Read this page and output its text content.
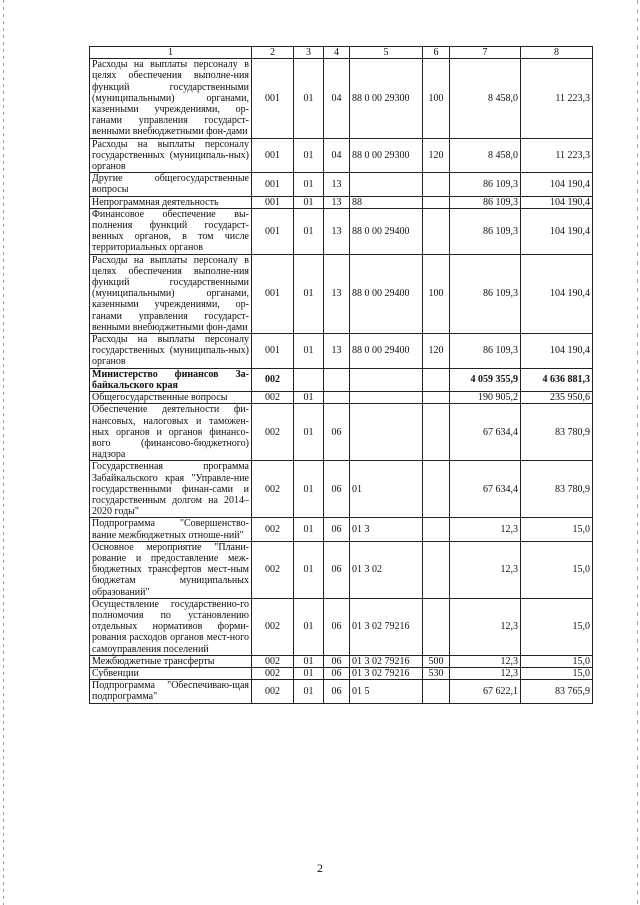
1	2	3	4	5	6	7	8
Расходы на выплаты персоналу в целях обеспечения выполне-ния функций государственными (муниципальными) органами, казенными учреждениями, ор-ганами управления государст-венными внебюджетными фон-дами	001	01	04	88 0 00 29300	100	8 458,0	11 223,3
Расходы на выплаты персоналу государственных (муниципаль-ных) органов	001	01	04	88 0 00 29300	120	8 458,0	11 223,3
Другие общегосударственные вопросы	001	01	13			86 109,3	104 190,4
Непрограммная деятельность	001	01	13	88		86 109,3	104 190,4
Финансовое обеспечение вы-полнения функций государст-венных органов, в том числе территориальных органов	001	01	13	88 0 00 29400		86 109,3	104 190,4
Расходы на выплаты персоналу в целях обеспечения выполне-ния функций государственными (муниципальными) органами, казенными учреждениями, ор-ганами управления государст-венными внебюджетными фон-дами	001	01	13	88 0 00 29400	100	86 109,3	104 190,4
Расходы на выплаты персоналу государственных (муниципаль-ных) органов	001	01	13	88 0 00 29400	120	86 109,3	104 190,4
Министерство финансов За-байкальского края	002					4 059 355,9	4 636 881,3
Общегосударственные вопросы	002	01				190 905,2	235 950,6
Обеспечение деятельности фи-нансовых, налоговых и таможен-ных органов и органов финансо-вого (финансово-бюджетного) надзора	002	01	06			67 634,4	83 780,9
Государственная программа Забайкальского края "Управле-ние государственными финан-сами и государственным долгом на 2014–2020 годы"	002	01	06	01		67 634,4	83 780,9
Подпрограмма "Совершенство-вание межбюджетных отноше-ний"	002	01	06	01 3		12,3	15,0
Основное мероприятие "Плани-рование и предоставление меж-бюджетных трансфертов мест-ным бюджетам муниципальных образований"	002	01	06	01 3 02		12,3	15,0
Осуществление государственно-го полномочия по установлению отдельных нормативов форми-рования расходов органов мест-ного самоуправления поселений	002	01	06	01 3 02 79216		12,3	15,0
Межбюджетные трансферты	002	01	06	01 3 02 79216	500	12,3	15,0
Субвенции	002	01	06	01 3 02 79216	530	12,3	15,0
Подпрограмма "Обеспечиваю-щая подпрограмма"	002	01	06	01 5		67 622,1	83 765,9
2
